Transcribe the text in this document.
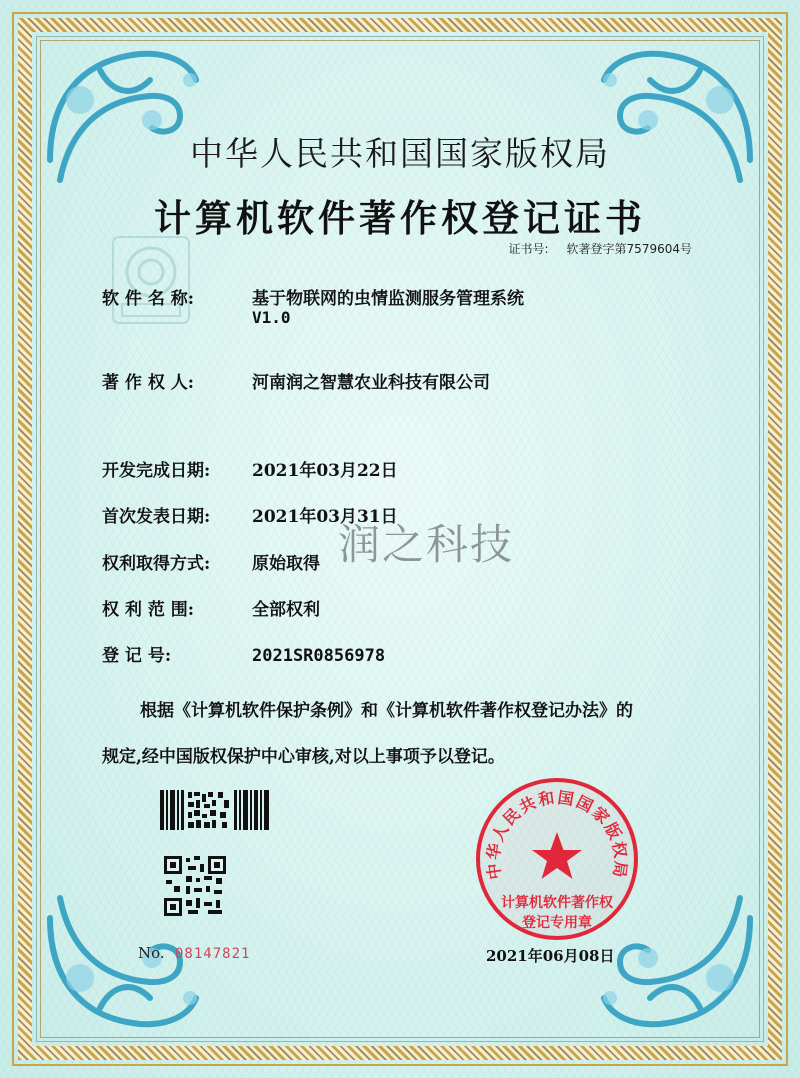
中华人民共和国国家版权局
计算机软件著作权登记证书
证书号: 软著登字第7579604号
软 件 名 称:	基于物联网的虫情监测服务管理系统
V1.0
著 作 权 人:	河南润之智慧农业科技有限公司
开发完成日期: 2021年03月22日
首次发表日期: 2021年03月31日
权利取得方式: 原始取得
权 利 范 围:	全部权利
登 记 号:	2021SR0856978
根据《计算机软件保护条例》和《计算机软件著作权登记办法》的
规定,经中国版权保护中心审核,对以上事项予以登记。
润之科技
No. 08147821
中华人民共和国国家版权局
计算机软件著作权
登记专用章
2021年06月08日
